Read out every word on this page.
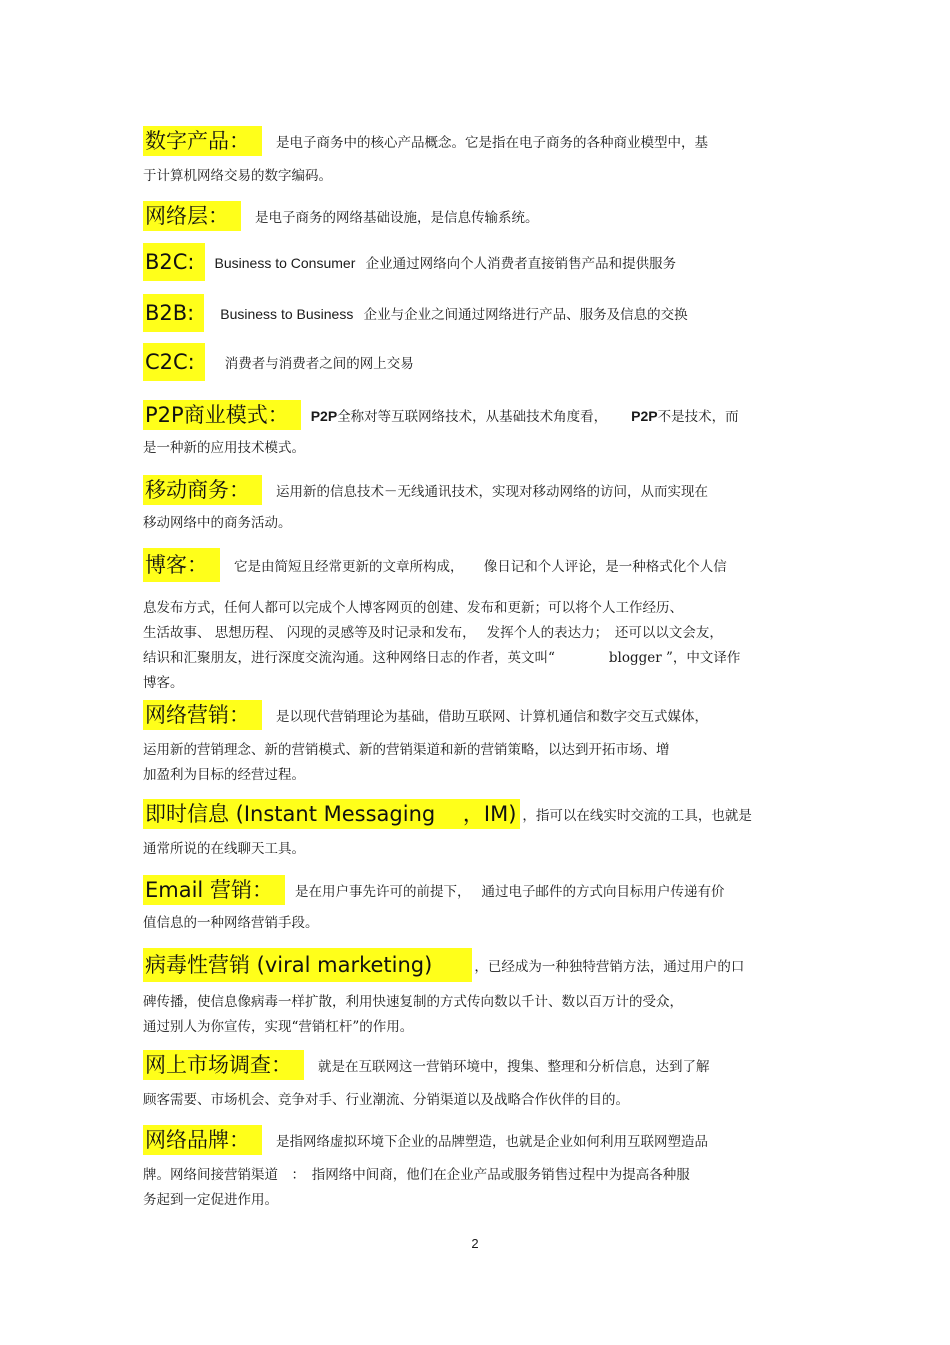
数字产品：	是电子商务中的核心产品概念。它是指在电子商务的各种商业模型中，基
于计算机网络交易的数字编码。
网络层：	是电子商务的网络基础设施，是信息传输系统。
B2C:	Business to Consumer 企业通过网络向个人消费者直接销售产品和提供服务
B2B:	Business to Business 企业与企业之间通过网络进行产品、服务及信息的交换
C2C:	消费者与消费者之间的网上交易
P2P商业模式：	P2P全称对等互联网络技术，从基础技术角度看， P2P不是技术，而
是一种新的应用技术模式。
移动商务：	运用新的信息技术－无线通讯技术，实现对移动网络的访问，从而实现在
移动网络中的商务活动。
博客：	它是由简短且经常更新的文章所构成，　　像日记和个人评论，是一种格式化个人信
息发布方式，任何人都可以完成个人博客网页的创建、发布和更新；可以将个人工作经历、
生活故事、 思想历程、 闪现的灵感等及时记录和发布，　 发挥个人的表达力；　还可以以文会友，
结识和汇聚朋友，进行深度交流沟通。这种网络日志的作者，英文叫“　　　　blogger ”，中文译作
博客。
网络营销：	是以现代营销理论为基础，借助互联网、计算机通信和数字交互式媒体，
运用新的营销理念、新的营销模式、新的营销渠道和新的营销策略，以达到开拓市场、增
加盈利为目标的经营过程。
即时信息 (Instant Messaging　 ，IM) ，指可以在线实时交流的工具，也就是
通常所说的在线聊天工具。
Email 营销：	是在用户事先许可的前提下，　 通过电子邮件的方式向目标用户传递有价
值信息的一种网络营销手段。
病毒性营销 (viral marketing)	，已经成为一种独特营销方法，通过用户的口
碑传播，使信息像病毒一样扩散，利用快速复制的方式传向数以千计、数以百万计的受众，
通过别人为你宣传，实现“营销杠杆”的作用。
网上市场调查：	就是在互联网这一营销环境中，搜集、整理和分析信息，达到了解
顾客需要、市场机会、竞争对手、行业潮流、分销渠道以及战略合作伙伴的目的。
网络品牌：	是指网络虚拟环境下企业的品牌塑造，也就是企业如何利用互联网塑造品
牌。网络间接营销渠道　：　指网络中间商，他们在企业产品或服务销售过程中为提高各种服
务起到一定促进作用。
2
